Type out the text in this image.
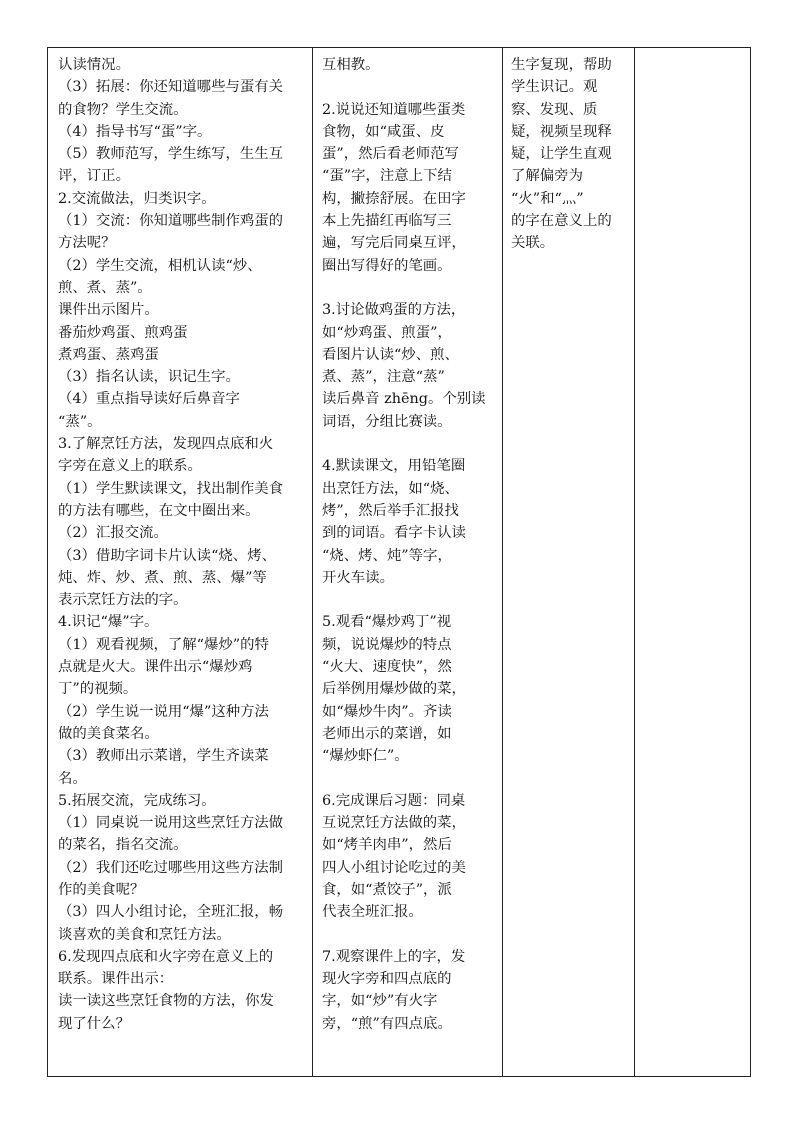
认读情况。
（3）拓展：你还知道哪些与蛋有关
的食物？学生交流。
（4）指导书写“蛋”字。
（5）教师范写，学生练写，生生互
评，订正。
2.交流做法，归类识字。
（1）交流：你知道哪些制作鸡蛋的
方法呢？
（2）学生交流，相机认读“炒、
煎、煮、蒸”。
课件出示图片。
番茄炒鸡蛋、煎鸡蛋
煮鸡蛋、蒸鸡蛋
（3）指名认读，识记生字。
（4）重点指导读好后鼻音字
“蒸”。
3.了解烹饪方法，发现四点底和火
字旁在意义上的联系。
（1）学生默读课文，找出制作美食
的方法有哪些，在文中圈出来。
（2）汇报交流。
（3）借助字词卡片认读“烧、烤、
炖、炸、炒、煮、煎、蒸、爆”等
表示烹饪方法的字。
4.识记“爆”字。
（1）观看视频，了解“爆炒”的特
点就是火大。课件出示“爆炒鸡
丁”的视频。
（2）学生说一说用“爆”这种方法
做的美食菜名。
（3）教师出示菜谱，学生齐读菜
名。
5.拓展交流，完成练习。
（1）同桌说一说用这些烹饪方法做
的菜名，指名交流。
（2）我们还吃过哪些用这些方法制
作的美食呢？
（3）四人小组讨论，全班汇报，畅
谈喜欢的美食和烹饪方法。
6.发现四点底和火字旁在意义上的
联系。课件出示：
读一读这些烹饪食物的方法，你发
现了什么？
互相教。
2.说说还知道哪些蛋类
食物，如“咸蛋、皮
蛋”，然后看老师范写
“蛋”字，注意上下结
构，撇捺舒展。在田字
本上先描红再临写三
遍，写完后同桌互评，
圈出写得好的笔画。
3.讨论做鸡蛋的方法，
如“炒鸡蛋、煎蛋”，
看图片认读“炒、煎、
煮、蒸”，注意“蒸”
读后鼻音 zhēng。个别读
词语，分组比赛读。
4.默读课文，用铅笔圈
出烹饪方法，如“烧、
烤”，然后举手汇报找
到的词语。看字卡认读
“烧、烤、炖”等字，
开火车读。
5.观看“爆炒鸡丁”视
频，说说爆炒的特点
“火大、速度快”，然
后举例用爆炒做的菜，
如“爆炒牛肉”。齐读
老师出示的菜谱，如
“爆炒虾仁”。
6.完成课后习题：同桌
互说烹饪方法做的菜，
如“烤羊肉串”，然后
四人小组讨论吃过的美
食，如“煮饺子”，派
代表全班汇报。
7.观察课件上的字，发
现火字旁和四点底的
字，如“炒”有火字
旁，“煎”有四点底。
生字复现，帮助
学生识记。观
察、发现、质
疑，视频呈现释
疑，让学生直观
了解偏旁为
“火”和“灬”
的字在意义上的
关联。
